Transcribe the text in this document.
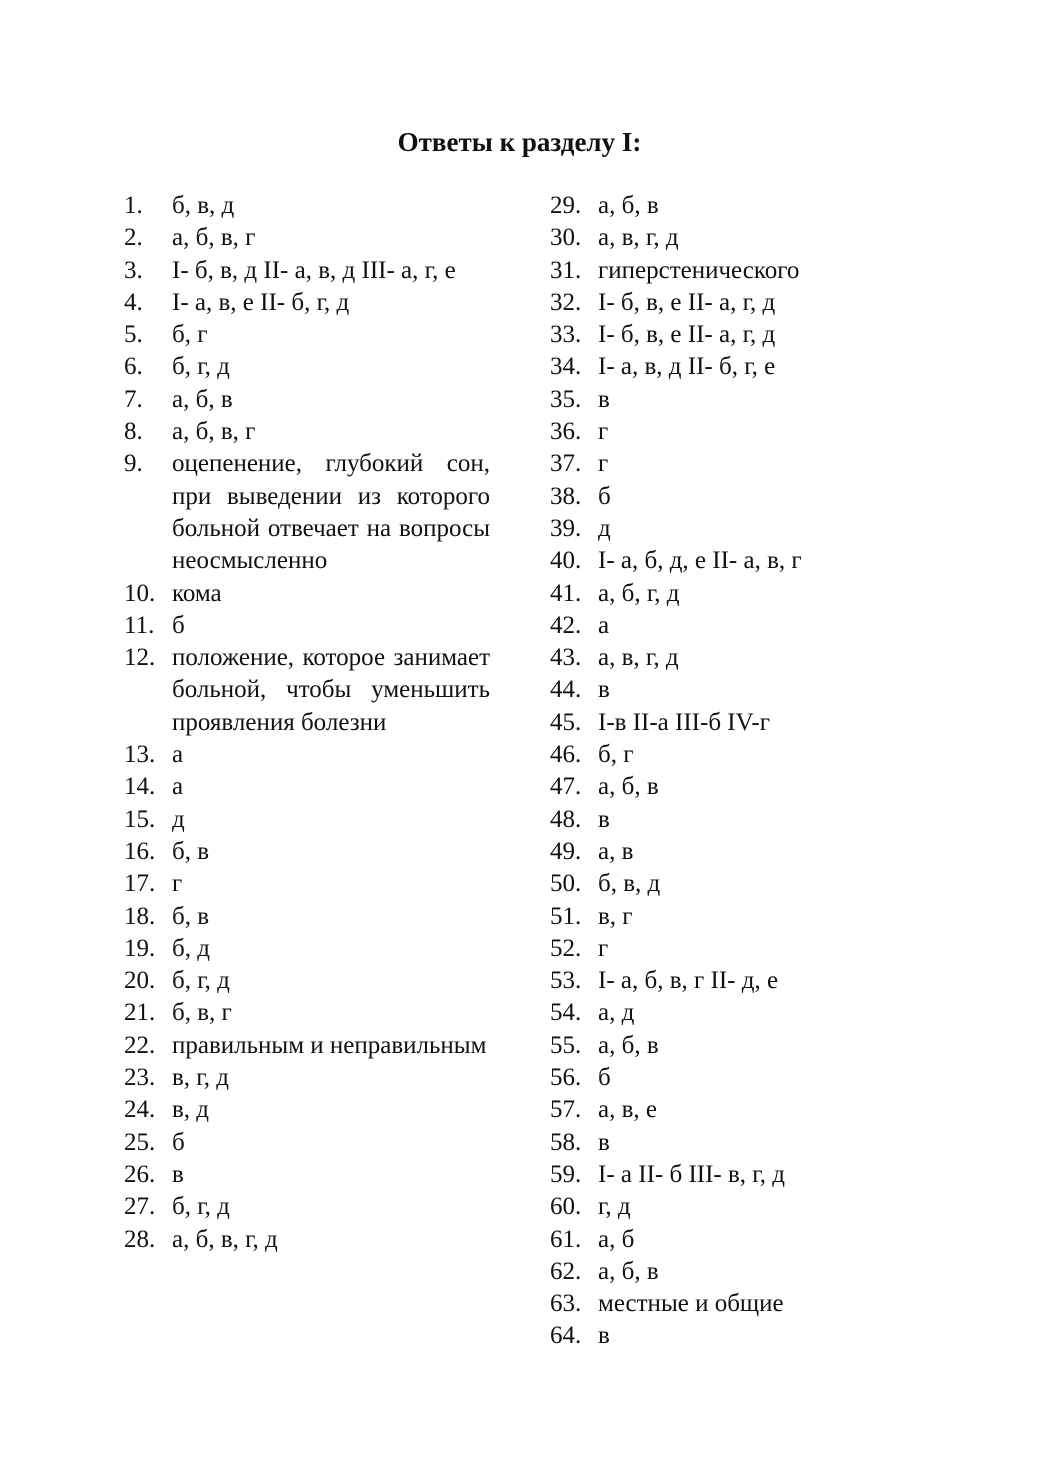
Ответы к разделу I:
1.	б, в, д
2.	а, б, в, г
3.	I- б, в, д II- а, в, д III- а, г, е
4.	I- а, в, е II- б, г, д
5.	б, г
6.	б, г, д
7.	а, б, в
8.	а, б, в, г
9.	оцепенение, глубокий сон, при выведении из которого больной отвечает на вопросы неосмысленно
10. кома
11. б
12. положение, которое занимает больной, чтобы уменьшить проявления болезни
13. а
14. а
15. д
16. б, в
17. г
18. б, в
19. б, д
20. б, г, д
21. б, в, г
22. правильным и неправильным
23. в, г, д
24. в, д
25. б
26. в
27. б, г, д
28. а, б, в, г, д
29. а, б, в
30. а, в, г, д
31. гиперстенического
32. I- б, в, е II- а, г, д
33. I- б, в, е II- а, г, д
34. I- а, в, д II- б, г, е
35. в
36. г
37. г
38. б
39. д
40. I- а, б, д, е II- а, в, г
41. а, б, г, д
42. а
43. а, в, г, д
44. в
45. I-в II-а III-б IV-г
46. б, г
47. а, б, в
48. в
49. а, в
50. б, в, д
51. в, г
52. г
53. I- а, б, в, г II- д, е
54. а, д
55. а, б, в
56. б
57. а, в, е
58. в
59. I- а II- б III- в, г, д
60. г, д
61. а, б
62. а, б, в
63. местные и общие
64. в
